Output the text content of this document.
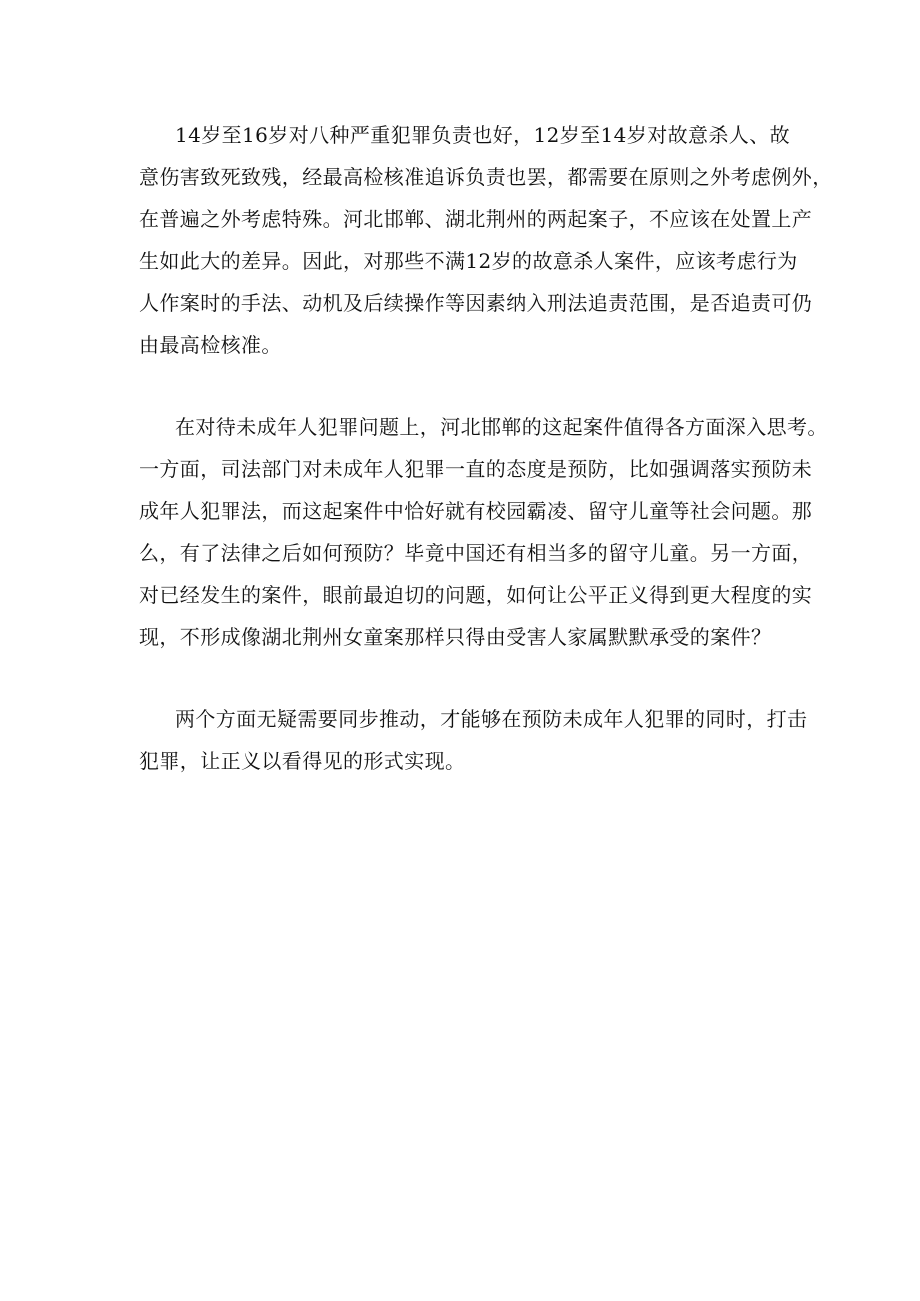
14岁至16岁对八种严重犯罪负责也好，12岁至14岁对故意杀人、故
意伤害致死致残，经最高检核准追诉负责也罢，都需要在原则之外考虑例外，
在普遍之外考虑特殊。河北邯郸、湖北荆州的两起案子，不应该在处置上产
生如此大的差异。因此，对那些不满12岁的故意杀人案件，应该考虑行为
人作案时的手法、动机及后续操作等因素纳入刑法追责范围，是否追责可仍
由最高检核准。
在对待未成年人犯罪问题上，河北邯郸的这起案件值得各方面深入思考。
一方面，司法部门对未成年人犯罪一直的态度是预防，比如强调落实预防未
成年人犯罪法，而这起案件中恰好就有校园霸凌、留守儿童等社会问题。那
么，有了法律之后如何预防？毕竟中国还有相当多的留守儿童。另一方面，
对已经发生的案件，眼前最迫切的问题，如何让公平正义得到更大程度的实
现，不形成像湖北荆州女童案那样只得由受害人家属默默承受的案件？
两个方面无疑需要同步推动，才能够在预防未成年人犯罪的同时，打击
犯罪，让正义以看得见的形式实现。
